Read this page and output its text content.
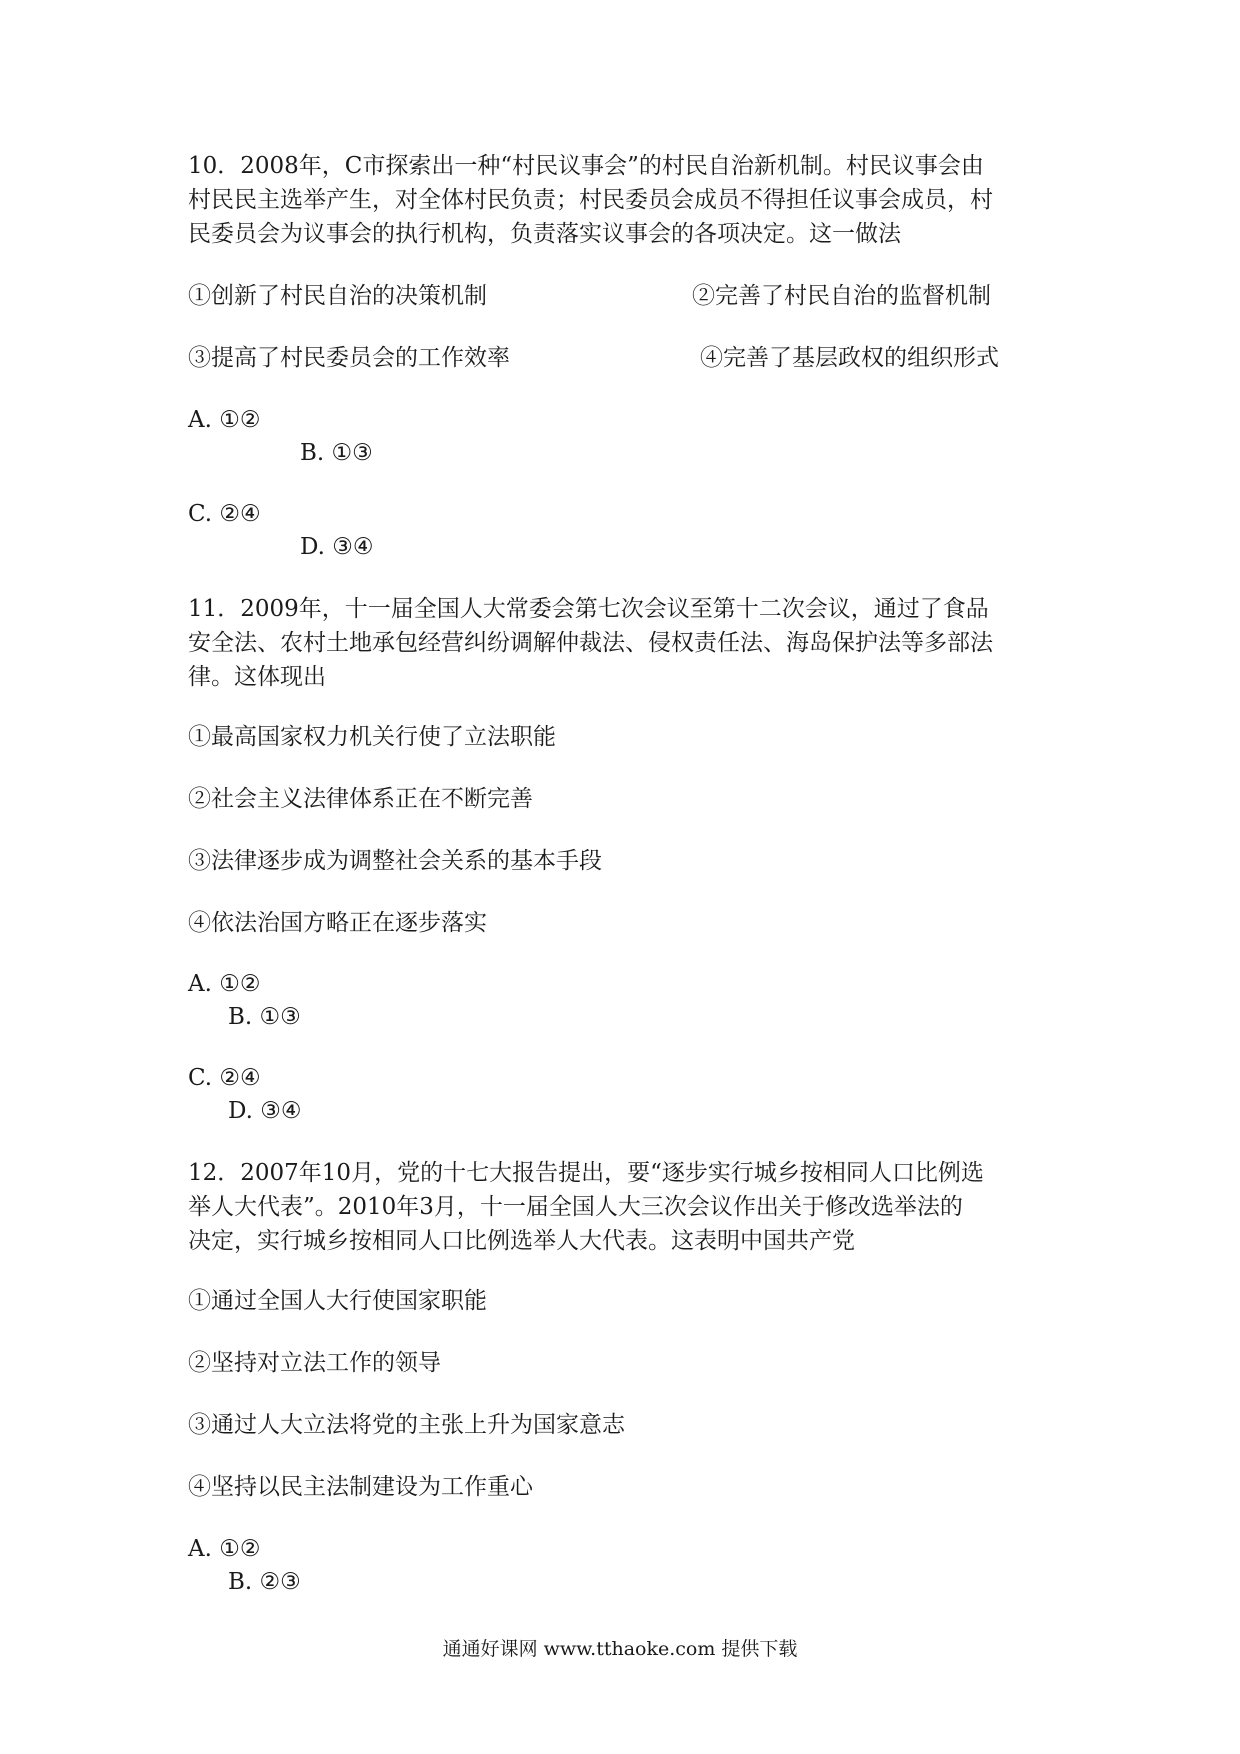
10．2008年，C市探索出一种“村民议事会”的村民自治新机制。村民议事会由
村民民主选举产生，对全体村民负责；村民委员会成员不得担任议事会成员，村
民委员会为议事会的执行机构，负责落实议事会的各项决定。这一做法
①创新了村民自治的决策机制	②完善了村民自治的监督机制
③提高了村民委员会的工作效率	④完善了基层政权的组织形式
A. ①②
B. ①③
C. ②④
D. ③④
11．2009年，十一届全国人大常委会第七次会议至第十二次会议，通过了食品
安全法、农村土地承包经营纠纷调解仲裁法、侵权责任法、海岛保护法等多部法
律。这体现出
①最高国家权力机关行使了立法职能
②社会主义法律体系正在不断完善
③法律逐步成为调整社会关系的基本手段
④依法治国方略正在逐步落实
A. ①②
B. ①③
C. ②④
D. ③④
12．2007年10月，党的十七大报告提出，要“逐步实行城乡按相同人口比例选
举人大代表”。2010年3月，十一届全国人大三次会议作出关于修改选举法的
决定，实行城乡按相同人口比例选举人大代表。这表明中国共产党
①通过全国人大行使国家职能
②坚持对立法工作的领导
③通过人大立法将党的主张上升为国家意志
④坚持以民主法制建设为工作重心
A. ①②
B. ②③
通通好课网 www.tthaoke.com 提供下载
